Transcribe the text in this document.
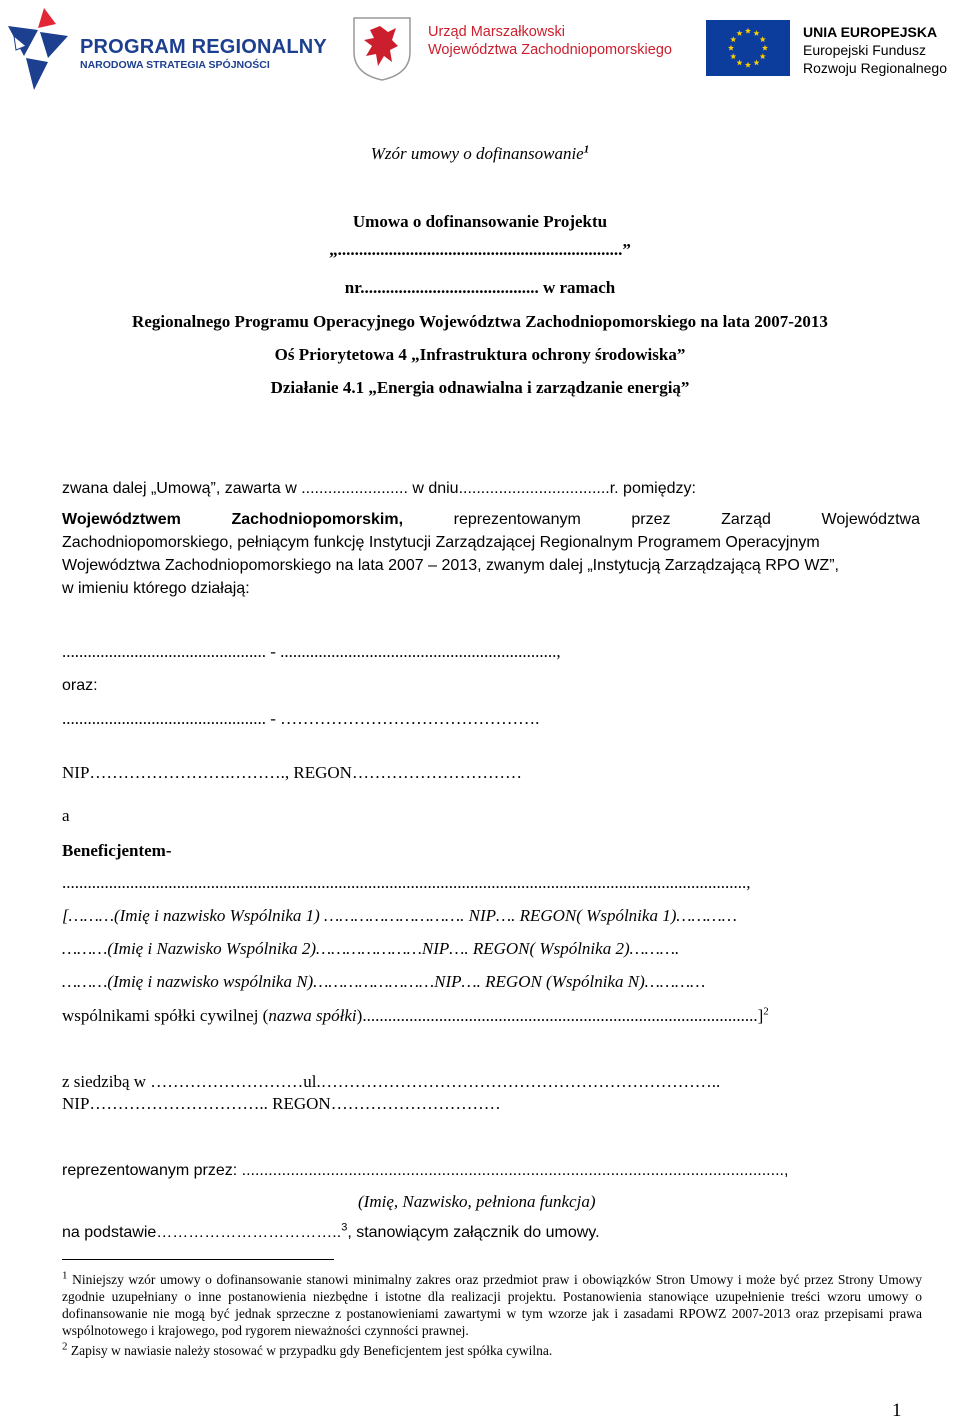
PROGRAM REGIONALNY
NARODOWA STRATEGIA SPÓJNOŚCI
Urząd Marszałkowski
Województwa Zachodniopomorskiego
UNIA EUROPEJSKA
Europejski Fundusz
Rozwoju Regionalnego
Wzór umowy o dofinansowanie$^1$
Umowa o dofinansowanie Projektu
„...................................................................”
nr.......................................... w ramach
Regionalnego Programu Operacyjnego Województwa Zachodniopomorskiego na lata 2007-2013
Oś Priorytetowa 4 „Infrastruktura ochrony środowiska”
Działanie 4.1 „Energia odnawialna i zarządzanie energią”
zwana dalej „Umową”, zawarta w ........................ w dniu..................................r. pomiędzy:
Województwem	Zachodniopomorskim,	reprezentowanym	przez	Zarząd	Województwa
Zachodniopomorskiego, pełniącym funkcję Instytucji Zarządzającej Regionalnym Programem Operacyjnym
Województwa Zachodniopomorskiego na lata 2007 – 2013, zwanym dalej „Instytucją Zarządzającą RPO WZ”,
w imieniu którego działają:
................................................ - .................................................................,
oraz:
................................................ - ……………………………………….
NIP…………………….………., REGON…………………………
a
Beneficjentem-
.................................................................................................................................................................,
[………(Imię i nazwisko Wspólnika 1) ………………………. NIP…. REGON( Wspólnika 1)…………
………(Imię i Nazwisko Wspólnika 2)…………………NIP…. REGON( Wspólnika 2)……….
………(Imię i nazwisko wspólnika N)……………………NIP…. REGON (Wspólnika N)…………
wspólnikami spółki cywilnej (nazwa spółki).............................................................................................]$^2$
z siedzibą w ………………………ul.……………………………………………………………..
NIP………………………….. REGON…………………………
reprezentowanym przez: ..........................................................................................................................,
(Imię, Nazwisko, pełniona funkcja)
na podstawie……………………………..$^3$, stanowiącym załącznik do umowy.
$^1$ Niniejszy wzór umowy o dofinansowanie stanowi minimalny zakres oraz przedmiot praw i obowiązków Stron Umowy i może być przez Strony Umowy zgodnie uzupełniany o inne postanowienia niezbędne i istotne dla realizacji projektu. Postanowienia stanowiące uzupełnienie treści wzoru umowy o dofinansowanie nie mogą być jednak sprzeczne z postanowieniami zawartymi w tym wzorze jak i zasadami RPOWZ 2007-2013 oraz przepisami prawa wspólnotowego i krajowego, pod rygorem nieważności czynności prawnej.
$^2$ Zapisy w nawiasie należy stosować w przypadku gdy Beneficjentem jest spółka cywilna.
1
